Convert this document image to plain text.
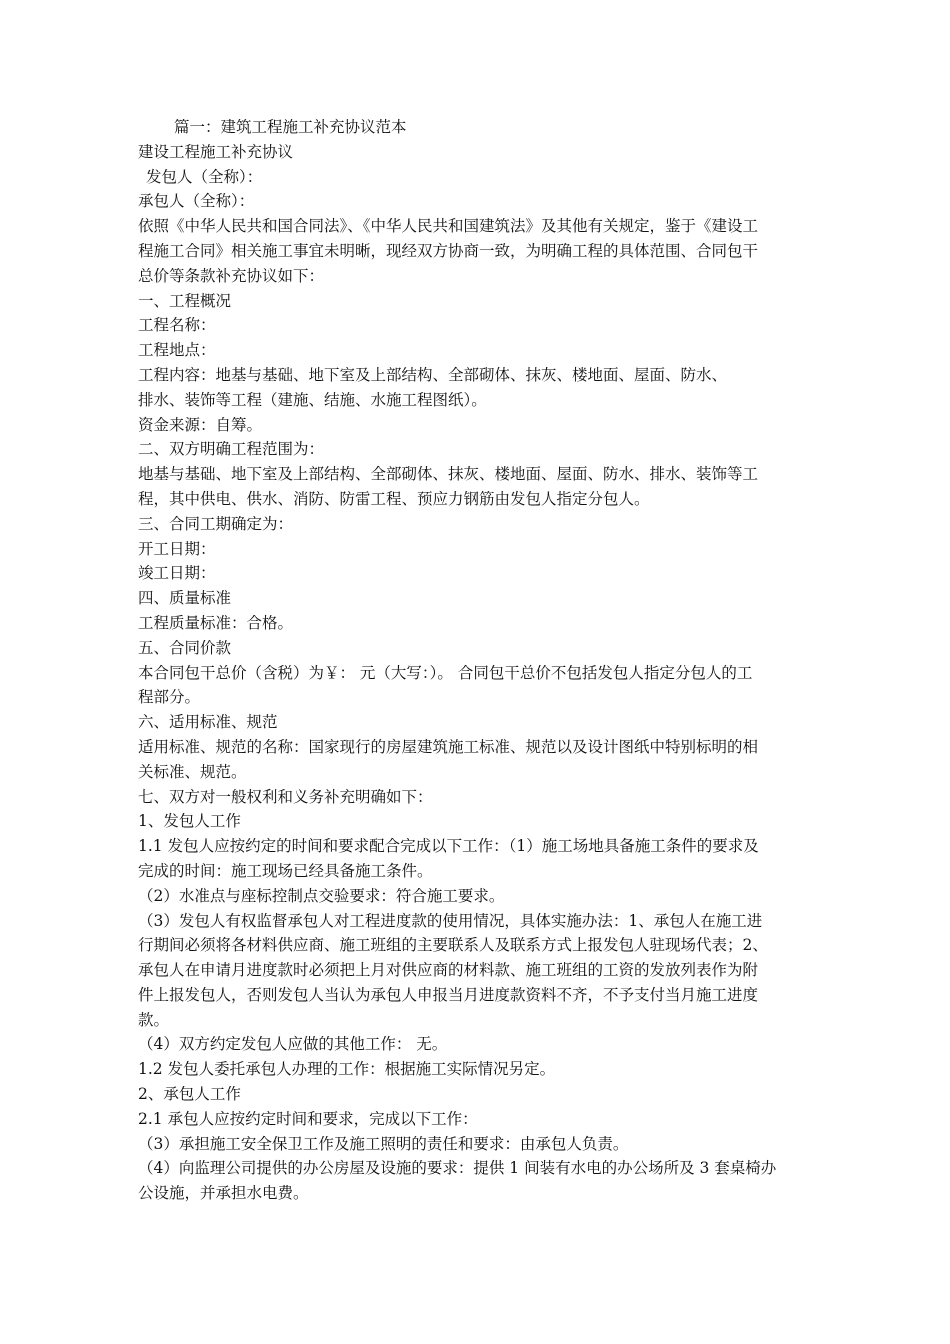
篇一：建筑工程施工补充协议范本
建设工程施工补充协议
发包人（全称）：
承包人（全称）：
依照《中华人民共和国合同法》、《中华人民共和国建筑法》及其他有关规定，鉴于《建设工
程施工合同》相关施工事宜未明晰，现经双方协商一致，为明确工程的具体范围、合同包干
总价等条款补充协议如下：
一、工程概况
工程名称：
工程地点：
工程内容：地基与基础、地下室及上部结构、全部砌体、抹灰、楼地面、屋面、防水、
排水、装饰等工程（建施、结施、水施工程图纸）。
资金来源：自筹。
二、双方明确工程范围为：
地基与基础、地下室及上部结构、全部砌体、抹灰、楼地面、屋面、防水、排水、装饰等工
程，其中供电、供水、消防、防雷工程、预应力钢筋由发包人指定分包人。
三、合同工期确定为：
开工日期：
竣工日期：
四、质量标准
工程质量标准：合格。
五、合同价款
本合同包干总价（含税）为￥： 元（大写：）。 合同包干总价不包括发包人指定分包人的工
程部分。
六、适用标准、规范
适用标准、规范的名称：国家现行的房屋建筑施工标准、规范以及设计图纸中特别标明的相
关标准、规范。
七、双方对一般权利和义务补充明确如下：
1、发包人工作
1.1 发包人应按约定的时间和要求配合完成以下工作：（1）施工场地具备施工条件的要求及
完成的时间：施工现场已经具备施工条件。
（2）水准点与座标控制点交验要求：符合施工要求。
（3）发包人有权监督承包人对工程进度款的使用情况，具体实施办法：1、承包人在施工进
行期间必须将各材料供应商、施工班组的主要联系人及联系方式上报发包人驻现场代表；2、
承包人在申请月进度款时必须把上月对供应商的材料款、施工班组的工资的发放列表作为附
件上报发包人，否则发包人当认为承包人申报当月进度款资料不齐，不予支付当月施工进度
款。
（4）双方约定发包人应做的其他工作： 无。
1.2 发包人委托承包人办理的工作：根据施工实际情况另定。
2、承包人工作
2.1 承包人应按约定时间和要求，完成以下工作：
（3）承担施工安全保卫工作及施工照明的责任和要求：由承包人负责。
（4）向监理公司提供的办公房屋及设施的要求：提供 1 间装有水电的办公场所及 3 套桌椅办
公设施，并承担水电费。
